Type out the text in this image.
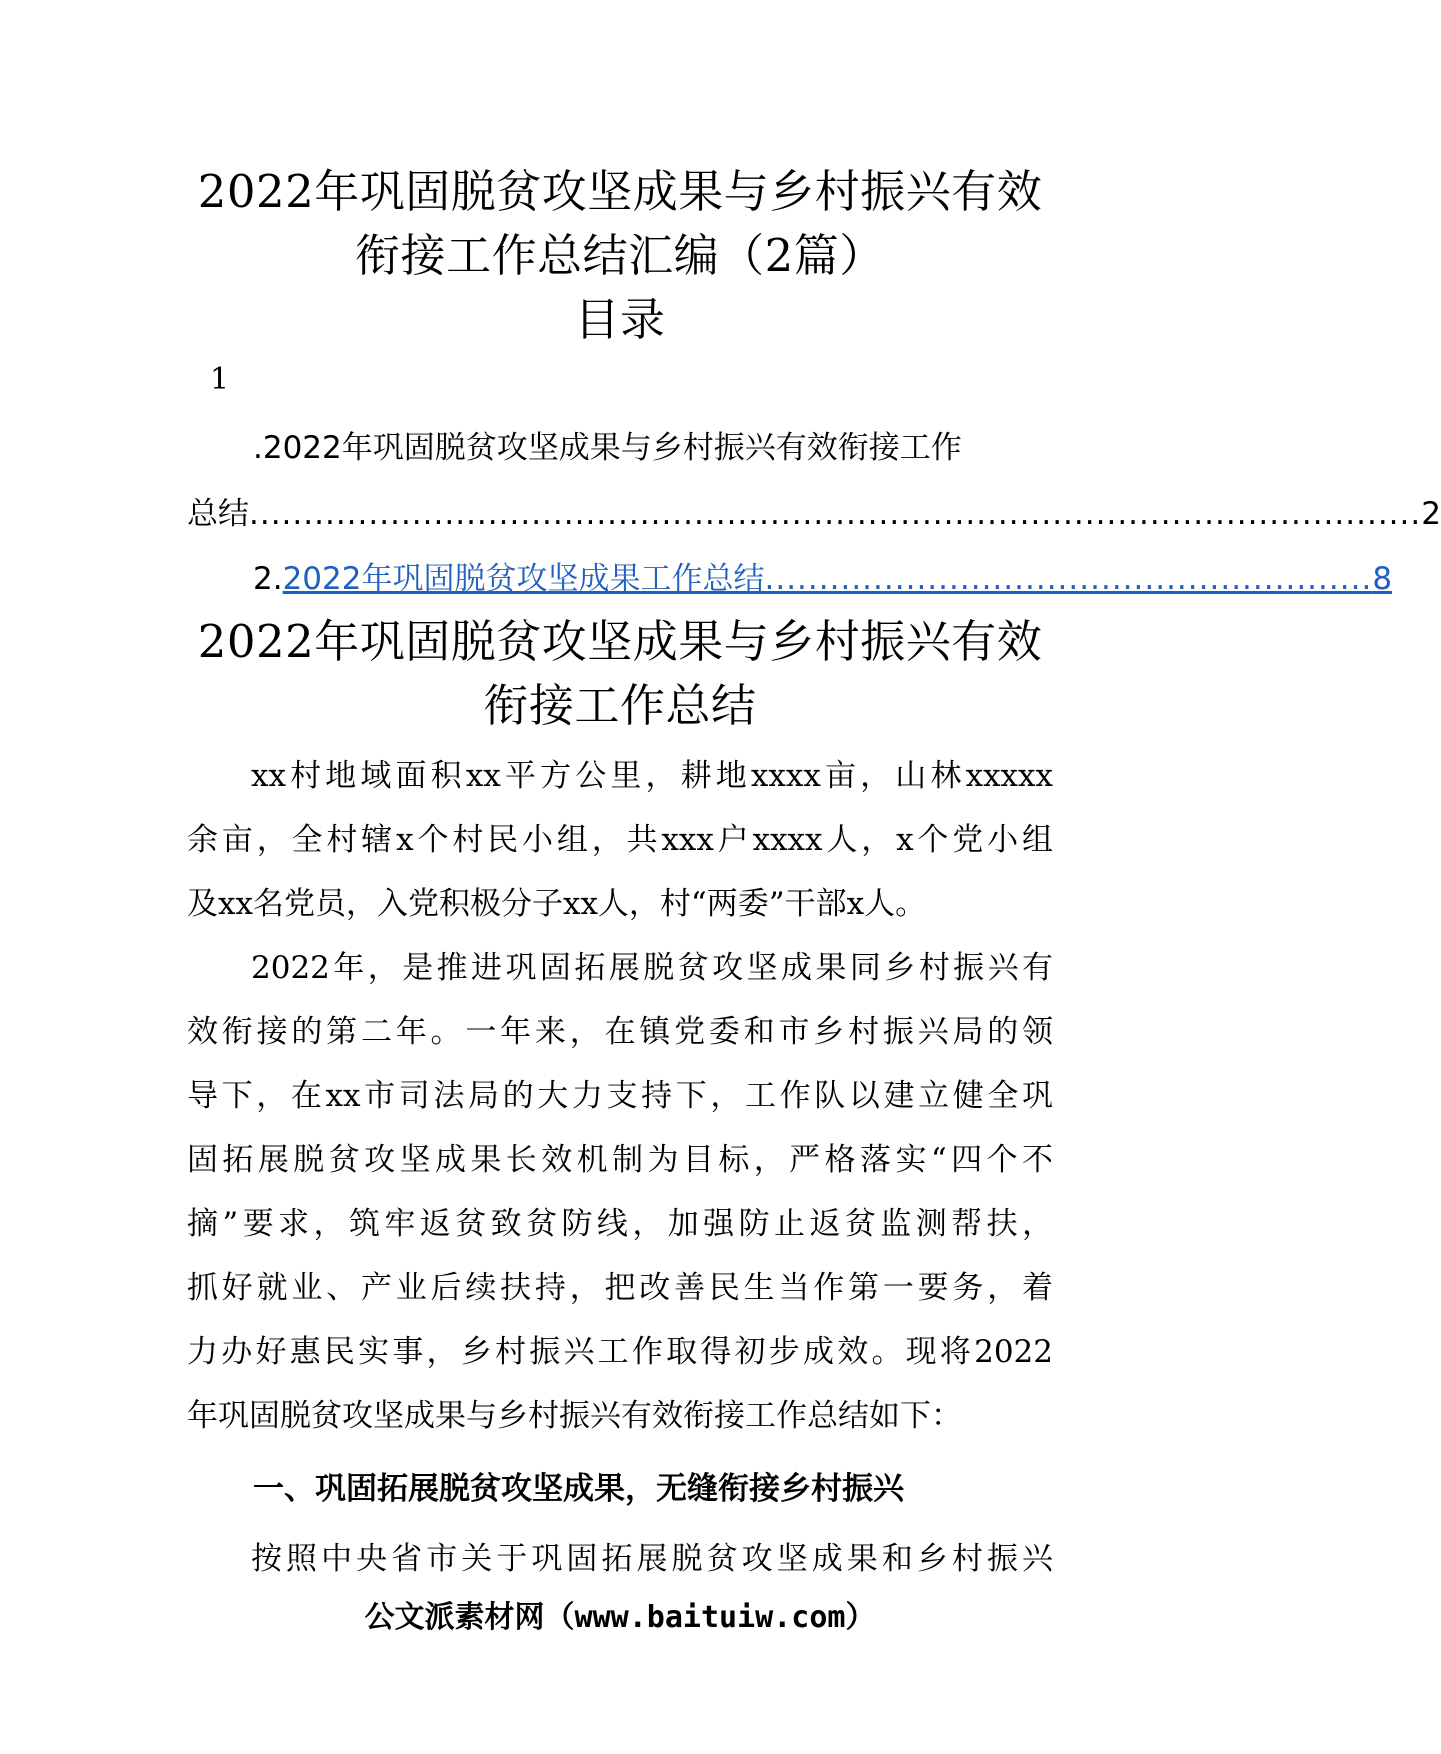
2022年巩固脱贫攻坚成果与乡村振兴有效
衔接工作总结汇编（2篇）
目录
1
.2022年巩固脱贫攻坚成果与乡村振兴有效衔接工作
总结 ............................................................................................................ 2
2. 2022年巩固脱贫攻坚成果工作总结 ........................................................ 8
2022年巩固脱贫攻坚成果与乡村振兴有效
衔接工作总结
xx村地域面积xx平方公里，耕地xxxx亩，山林xxxxx
余亩，全村辖x个村民小组，共xxx户xxxx人，x个党小组
及xx名党员，入党积极分子xx人，村“两委”干部x人。
2022年，是推进巩固拓展脱贫攻坚成果同乡村振兴有
效衔接的第二年。一年来，在镇党委和市乡村振兴局的领
导下，在xx市司法局的大力支持下，工作队以建立健全巩
固拓展脱贫攻坚成果长效机制为目标，严格落实“四个不
摘”要求，筑牢返贫致贫防线，加强防止返贫监测帮扶，
抓好就业、产业后续扶持，把改善民生当作第一要务，着
力办好惠民实事，乡村振兴工作取得初步成效。现将2022
年巩固脱贫攻坚成果与乡村振兴有效衔接工作总结如下：
一、巩固拓展脱贫攻坚成果，无缝衔接乡村振兴
按照中央省市关于巩固拓展脱贫攻坚成果和乡村振兴
公文派素材网（www.baituiw.com）
